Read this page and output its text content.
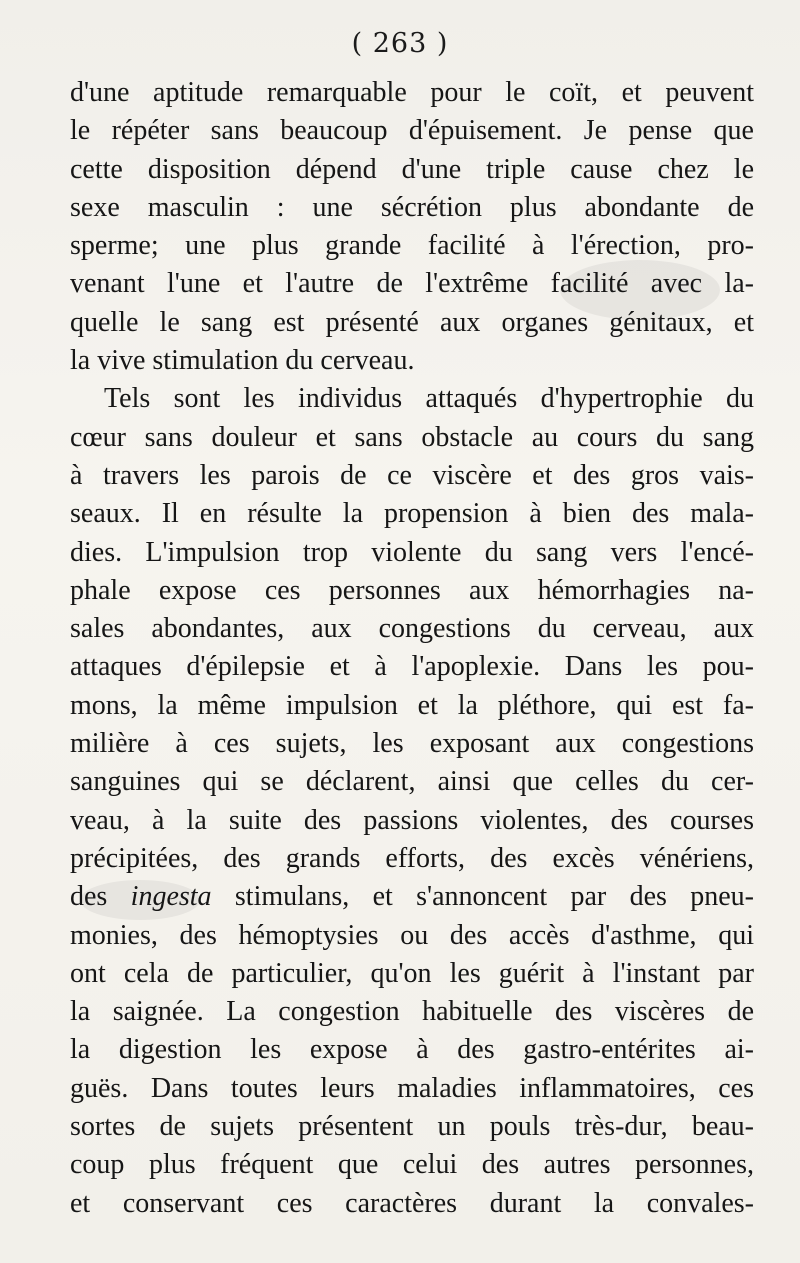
( 263 )
d'une aptitude remarquable pour le coït, et peuvent
le répéter sans beaucoup d'épuisement. Je pense que
cette disposition dépend d'une triple cause chez le
sexe masculin : une sécrétion plus abondante de
sperme; une plus grande facilité à l'érection, pro-
venant l'une et l'autre de l'extrême facilité avec la-
quelle le sang est présenté aux organes génitaux, et
la vive stimulation du cerveau.
Tels sont les individus attaqués d'hypertrophie du
cœur sans douleur et sans obstacle au cours du sang
à travers les parois de ce viscère et des gros vais-
seaux. Il en résulte la propension à bien des mala-
dies. L'impulsion trop violente du sang vers l'encé-
phale expose ces personnes aux hémorrhagies na-
sales abondantes, aux congestions du cerveau, aux
attaques d'épilepsie et à l'apoplexie. Dans les pou-
mons, la même impulsion et la pléthore, qui est fa-
milière à ces sujets, les exposant aux congestions
sanguines qui se déclarent, ainsi que celles du cer-
veau, à la suite des passions violentes, des courses
précipitées, des grands efforts, des excès vénériens,
des ingesta stimulans, et s'annoncent par des pneu-
monies, des hémoptysies ou des accès d'asthme, qui
ont cela de particulier, qu'on les guérit à l'instant par
la saignée. La congestion habituelle des viscères de
la digestion les expose à des gastro-entérites ai-
guës. Dans toutes leurs maladies inflammatoires, ces
sortes de sujets présentent un pouls très-dur, beau-
coup plus fréquent que celui des autres personnes,
et conservant ces caractères durant la convales-
